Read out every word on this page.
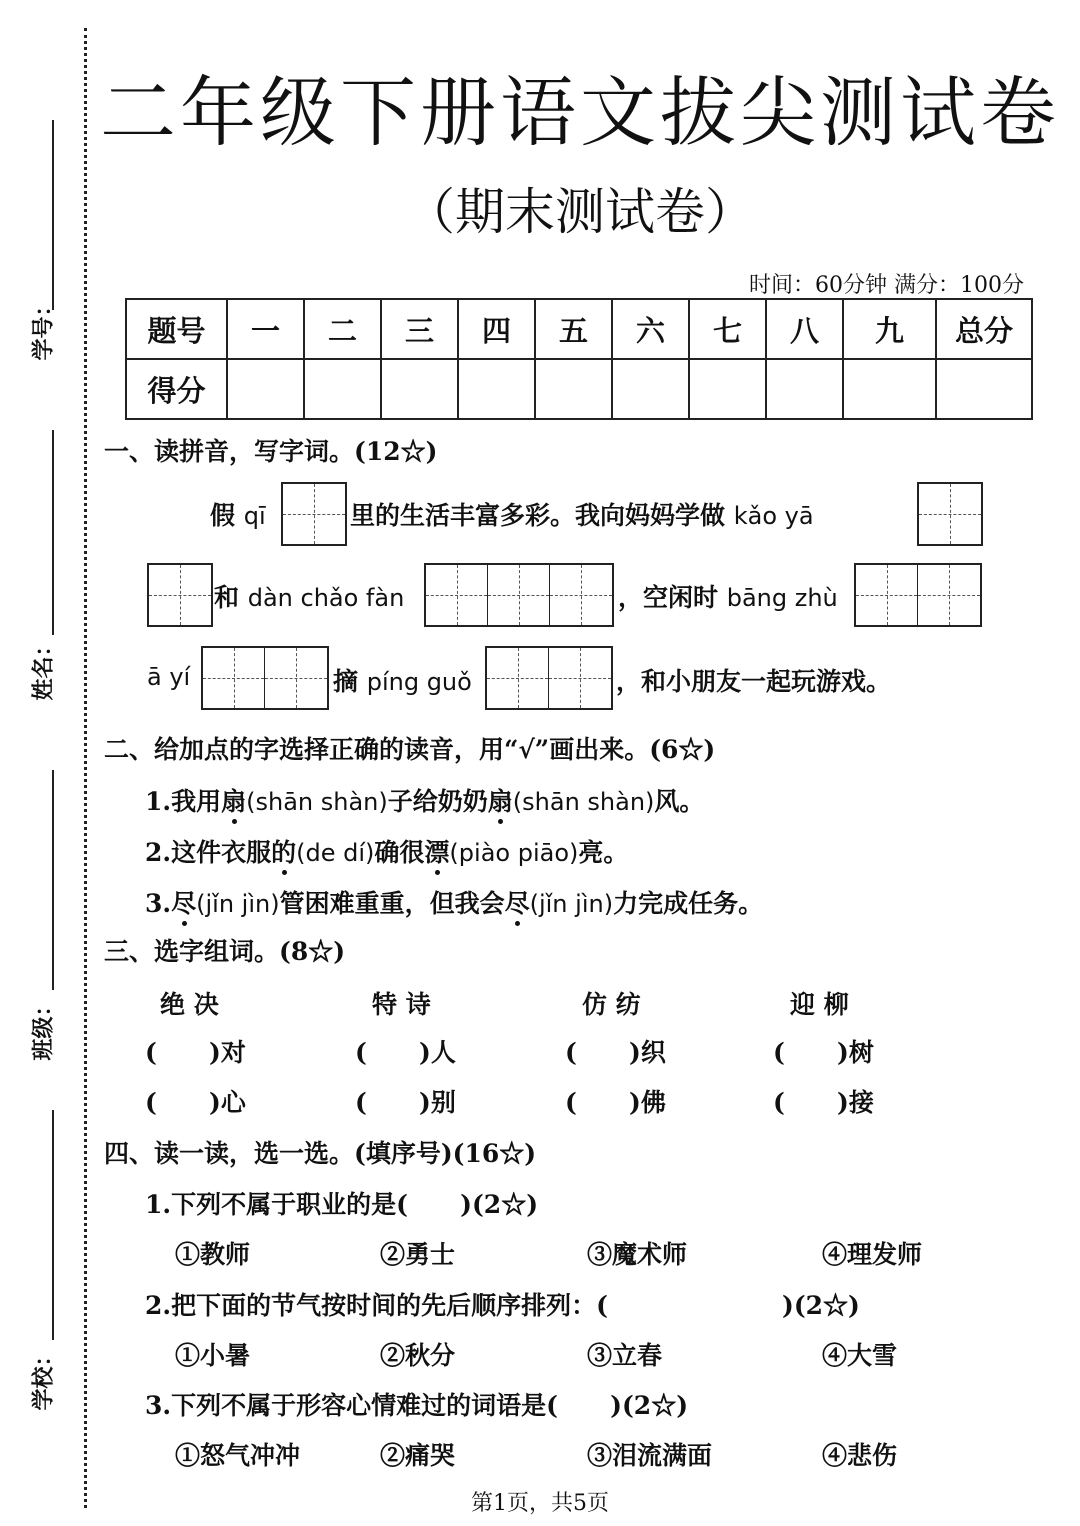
学号：
姓名：
班级：
学校：
二年级下册语文拔尖测试卷
（期末测试卷）
时间：60分钟 满分：100分
题号	一	二	三	四	五	六	七	八	九	总分
得分										
一、读拼音，写字词。(12☆)
假 qī	里的生活丰富多彩。我向妈妈学做 kǎo yā
和 dàn chǎo fàn	，空闲时 bāng zhù
ā yí	摘 píng guǒ	，和小朋友一起玩游戏。
二、给加点的字选择正确的读音，用“√”画出来。(6☆)
1.我用扇(shān shàn)子给奶奶扇(shān shàn)风。
2.这件衣服的(de dí)确很漂(piào piāo)亮。
3.尽(jǐn jìn)管困难重重，但我会尽(jǐn jìn)力完成任务。
三、选字组词。(8☆)
绝 决	特 诗	仿 纺	迎 柳
(      )对	(      )人	(      )织	(      )树
(      )心	(      )别	(      )佛	(      )接
四、读一读，选一选。(填序号)(16☆)
1.下列不属于职业的是(      )(2☆)
①教师	②勇士	③魔术师	④理发师
2.把下面的节气按时间的先后顺序排列：(                    )(2☆)
①小暑	②秋分	③立春	④大雪
3.下列不属于形容心情难过的词语是(      )(2☆)
①怒气冲冲	②痛哭	③泪流满面	④悲伤
第1页，共5页
